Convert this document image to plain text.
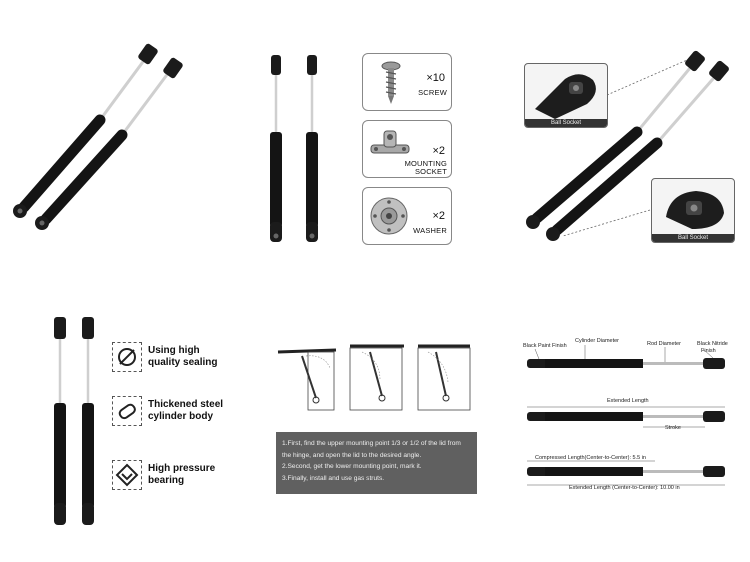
×10
SCREW
×2
MOUNTING
SOCKET
×2
WASHER
Ball Socket
Ball Socket
Using high
quality sealing
Thickened steel
cylinder body
High pressure
bearing
1.First, find the upper mounting point 1/3 or 1/2 of the lid from
the hinge, and open the lid to the desired angle.
2.Second, get the lower mounting point, mark it.
3.Finally, install and use gas struts.
Black Paint Finish
Cylinder Diameter	Rod Diameter	Black Nitride
Finish
Extended Length
Stroke
Compressed Length(Center-to-Center): 5.5 in
Extended Length (Center-to-Center): 10.00 in
